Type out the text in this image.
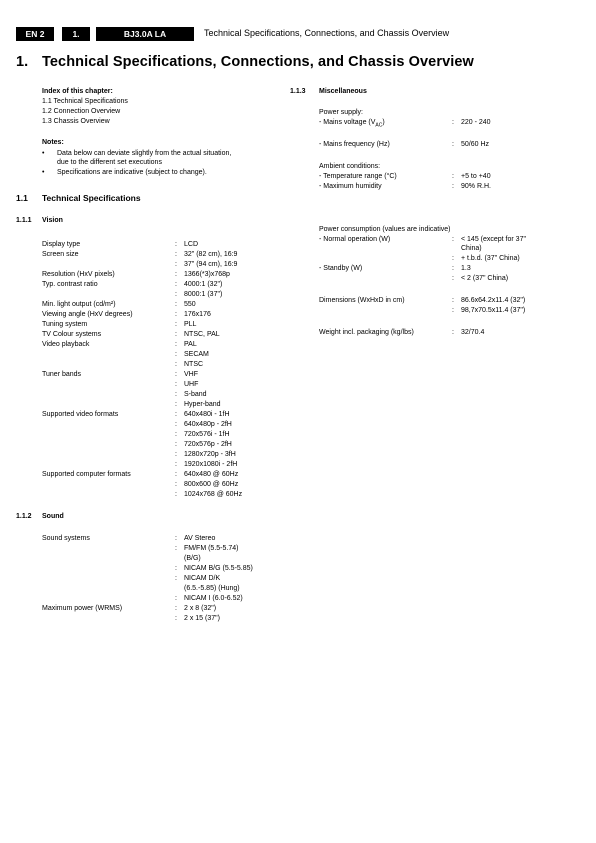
EN 2	1.	BJ3.0A LA	Technical Specifications, Connections, and Chassis Overview
1. Technical Specifications, Connections, and Chassis Overview
Index of this chapter:
1.1 Technical Specifications
1.2 Connection Overview
1.3 Chassis Overview
Notes:
• Data below can deviate slightly from the actual situation,
due to the different set executions
• Specifications are indicative (subject to change).
1.1 Technical Specifications
1.1.1 Vision
Display type	: LCD
Screen size	: 32" (82 cm), 16:9
: 37" (94 cm), 16:9
Resolution (HxV pixels)	: 1366(*3)x768p
Typ. contrast ratio	: 4000:1 (32")
: 8000:1 (37")
Min. light output (cd/m²)	: 550
Viewing angle (HxV degrees)	: 176x176
Tuning system	: PLL
TV Colour systems	: NTSC, PAL
Video playback	: PAL
: SECAM
: NTSC
Tuner bands	: VHF
: UHF
: S-band
: Hyper-band
Supported video formats	: 640x480i - 1fH
: 640x480p - 2fH
: 720x576i - 1fH
: 720x576p - 2fH
: 1280x720p - 3fH
: 1920x1080i - 2fH
Supported computer formats	: 640x480 @ 60Hz
: 800x600 @ 60Hz
: 1024x768 @ 60Hz
1.1.2 Sound
Sound systems	: AV Stereo
: FM/FM (5.5-5.74)
(B/G)
: NICAM B/G (5.5-5.85)
: NICAM D/K
(6.5.-5.85) (Hung)
: NICAM I (6.0-6.52)
Maximum power (WRMS)	: 2 x 8 (32")
: 2 x 15 (37")
1.1.3 Miscellaneous
Power supply:
- Mains voltage $(V_{AC})$	: 220 - 240
- Mains frequency (Hz)	: 50/60 Hz
Ambient conditions:
- Temperature range (°C)	: +5 to +40
- Maximum humidity	: 90% R.H.
Power consumption (values are indicative)
- Normal operation (W)	: < 145 (except for 37"
China)
: + t.b.d. (37" China)
- Standby (W)	: 1.3
: < 2 (37" China)
Dimensions (WxHxD in cm)	: 86.6x64.2x11.4 (32")
: 98,7x70.5x11.4 (37")
Weight incl. packaging (kg/lbs)	: 32/70.4
